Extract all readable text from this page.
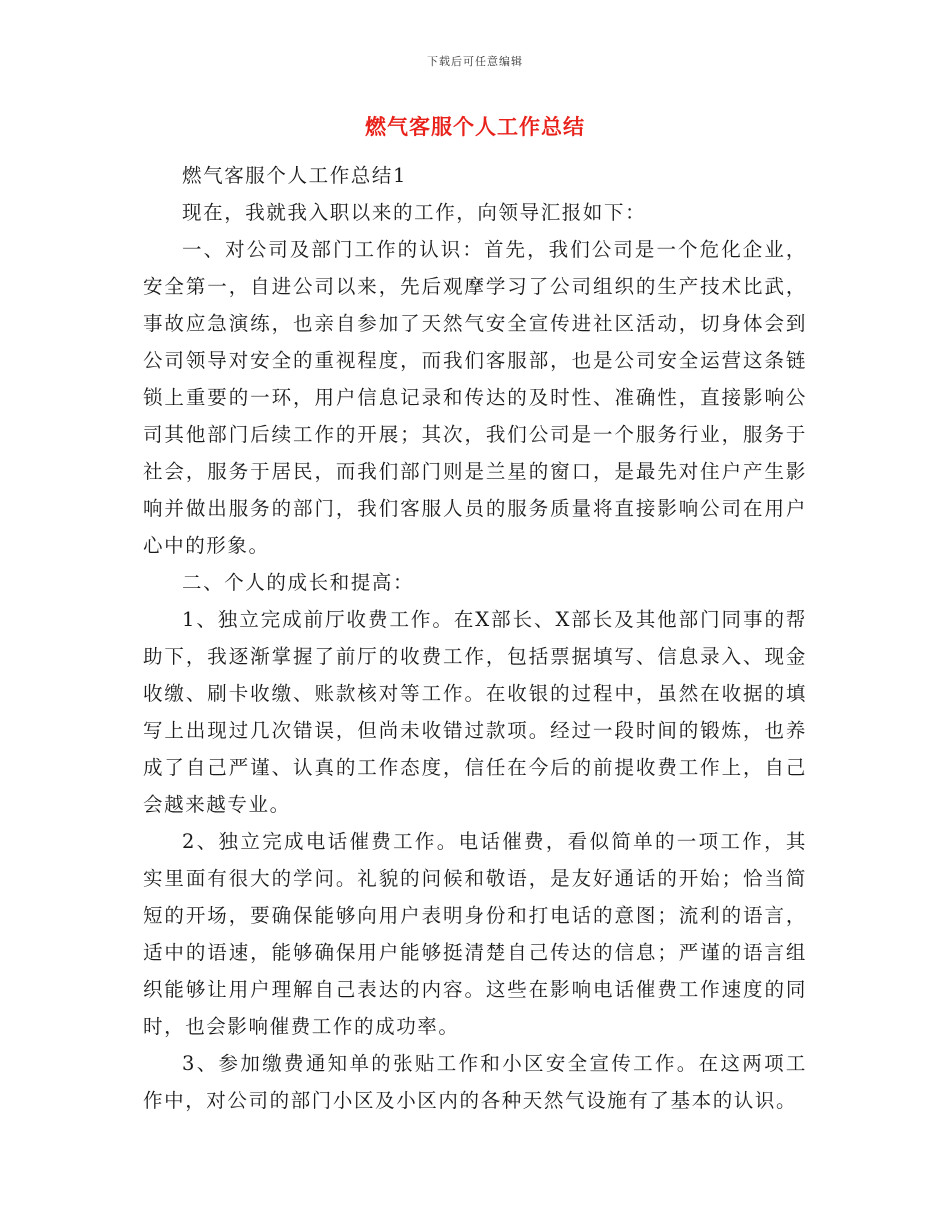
下载后可任意编辑
燃气客服个人工作总结

燃气客服个人工作总结1

现在，我就我入职以来的工作，向领导汇报如下：

一、对公司及部门工作的认识：首先，我们公司是一个危化企业，安全第一，自进公司以来，先后观摩学习了公司组织的生产技术比武，事故应急演练，也亲自参加了天然气安全宣传进社区活动，切身体会到公司领导对安全的重视程度，而我们客服部，也是公司安全运营这条链锁上重要的一环，用户信息记录和传达的及时性、准确性，直接影响公司其他部门后续工作的开展；其次，我们公司是一个服务行业，服务于社会，服务于居民，而我们部门则是兰星的窗口，是最先对住户产生影响并做出服务的部门，我们客服人员的服务质量将直接影响公司在用户心中的形象。

二、个人的成长和提高：

1、独立完成前厅收费工作。在X部长、X部长及其他部门同事的帮助下，我逐渐掌握了前厅的收费工作，包括票据填写、信息录入、现金收缴、刷卡收缴、账款核对等工作。在收银的过程中，虽然在收据的填写上出现过几次错误，但尚未收错过款项。经过一段时间的锻炼，也养成了自己严谨、认真的工作态度，信任在今后的前提收费工作上，自己会越来越专业。

2、独立完成电话催费工作。电话催费，看似简单的一项工作，其实里面有很大的学问。礼貌的问候和敬语，是友好通话的开始；恰当简短的开场，要确保能够向用户表明身份和打电话的意图；流利的语言，适中的语速，能够确保用户能够挺清楚自己传达的信息；严谨的语言组织能够让用户理解自己表达的内容。这些在影响电话催费工作速度的同时，也会影响催费工作的成功率。

3、参加缴费通知单的张贴工作和小区安全宣传工作。在这两项工作中，对公司的部门小区及小区内的各种天然气设施有了基本的认识。
